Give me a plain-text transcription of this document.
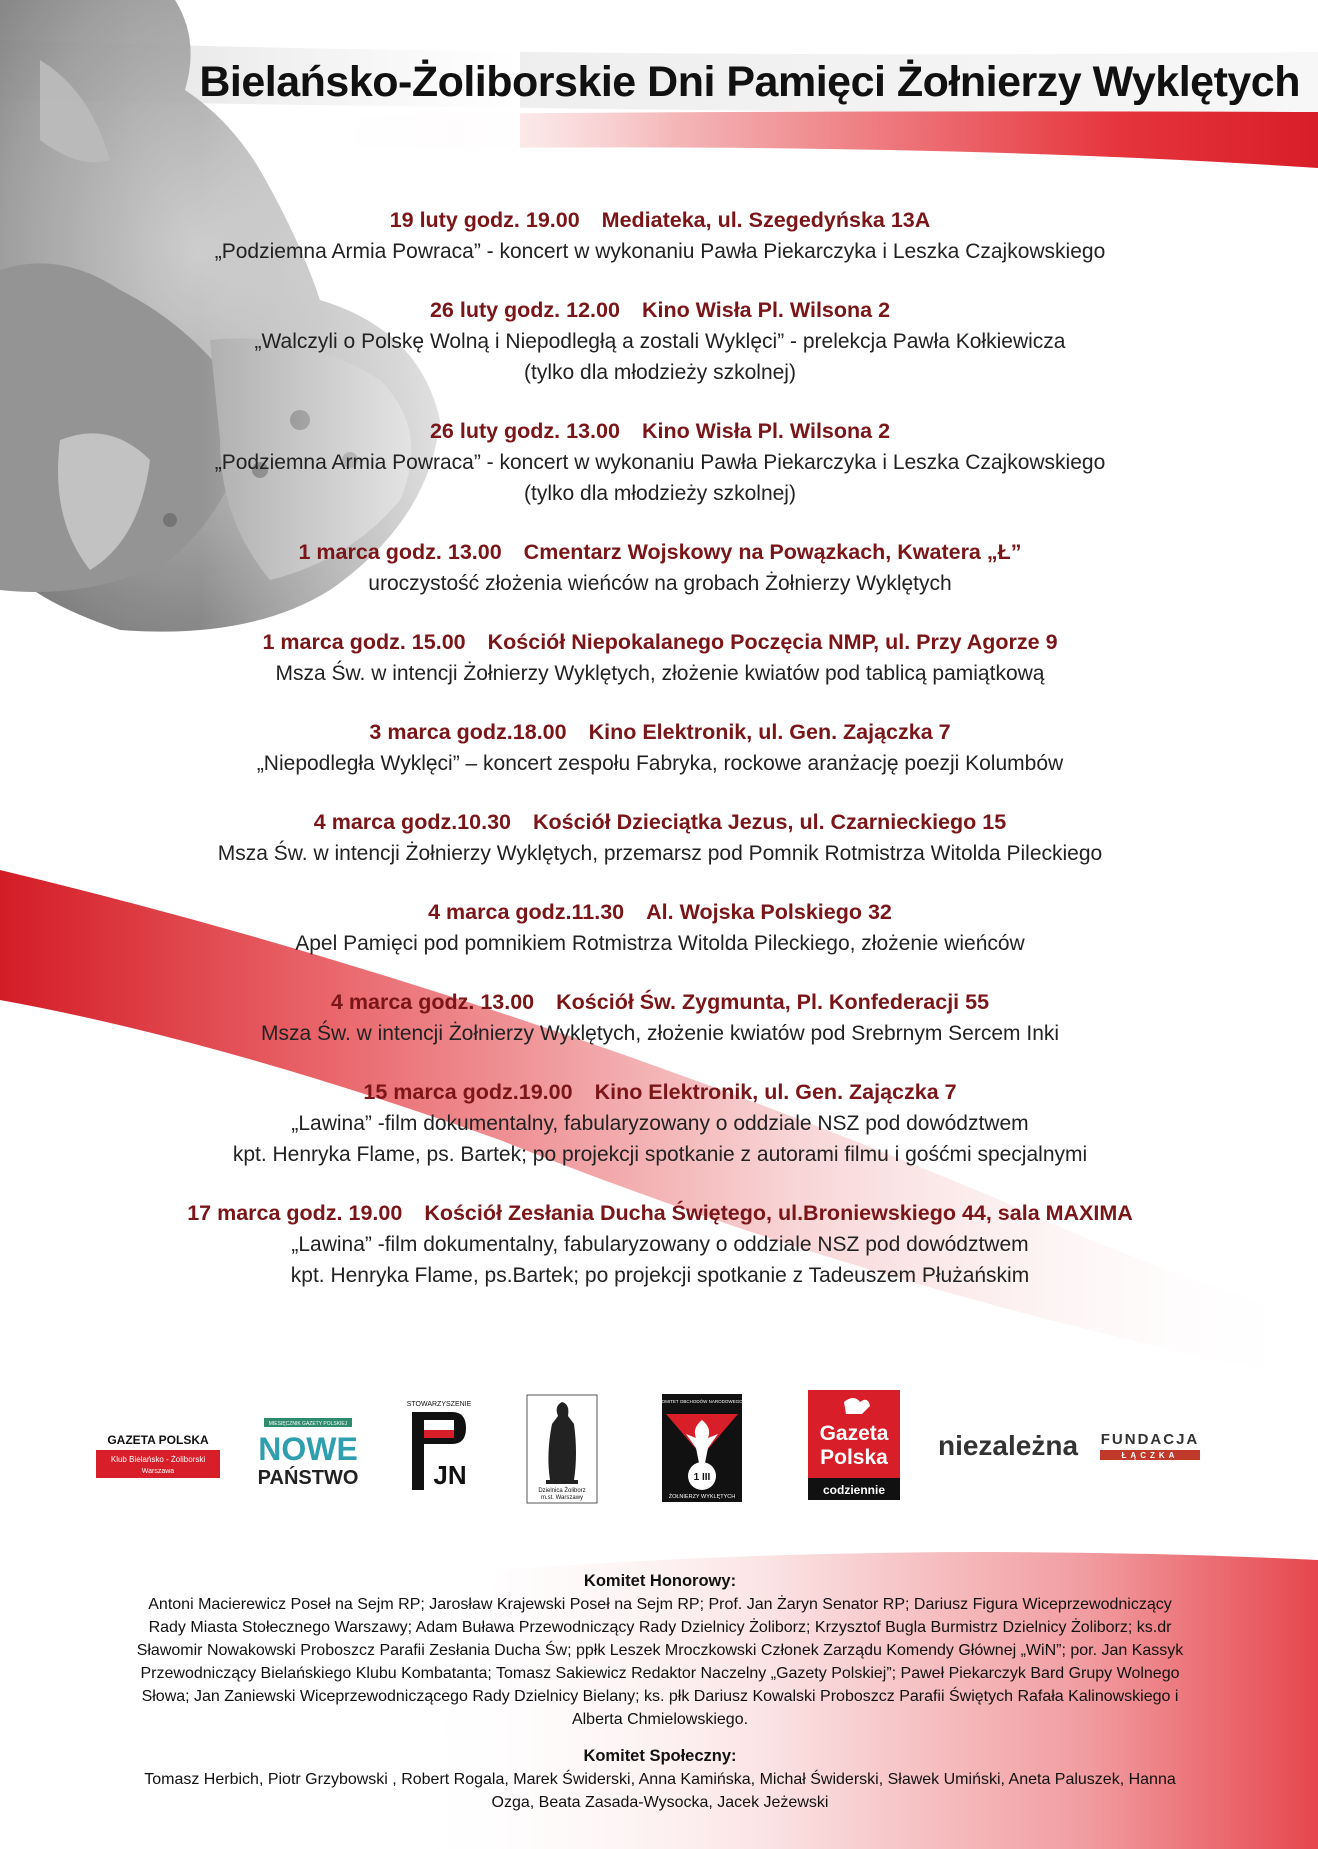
Bielańsko-Żoliborskie Dni Pamięci Żołnierzy Wyklętych
19 luty godz. 19.00 Mediateka, ul. Szegedyńska 13A
„Podziemna Armia Powraca” - koncert w wykonaniu Pawła Piekarczyka i Leszka Czajkowskiego
26 luty godz. 12.00 Kino Wisła Pl. Wilsona 2
„Walczyli o Polskę Wolną i Niepodległą a zostali Wyklęci” - prelekcja Pawła Kołkiewicza
(tylko dla młodzieży szkolnej)
26 luty godz. 13.00 Kino Wisła Pl. Wilsona 2
„Podziemna Armia Powraca” - koncert w wykonaniu Pawła Piekarczyka i Leszka Czajkowskiego
(tylko dla młodzieży szkolnej)
1 marca godz. 13.00 Cmentarz Wojskowy na Powązkach, Kwatera „Ł”
uroczystość złożenia wieńców na grobach Żołnierzy Wyklętych
1 marca godz. 15.00 Kościół Niepokalanego Poczęcia NMP, ul. Przy Agorze 9
Msza Św. w intencji Żołnierzy Wyklętych, złożenie kwiatów pod tablicą pamiątkową
3 marca godz.18.00 Kino Elektronik, ul. Gen. Zajączka 7
„Niepodległa Wyklęci” – koncert zespołu Fabryka, rockowe aranżację poezji Kolumbów
4 marca godz.10.30 Kościół Dzieciątka Jezus, ul. Czarnieckiego 15
Msza Św. w intencji Żołnierzy Wyklętych, przemarsz pod Pomnik Rotmistrza Witolda Pileckiego
4 marca godz.11.30 Al. Wojska Polskiego 32
Apel Pamięci pod pomnikiem Rotmistrza Witolda Pileckiego, złożenie wieńców
4 marca godz. 13.00 Kościół Św. Zygmunta, Pl. Konfederacji 55
Msza Św. w intencji Żołnierzy Wyklętych, złożenie kwiatów pod Srebrnym Sercem Inki
15 marca godz.19.00 Kino Elektronik, ul. Gen. Zajączka 7
„Lawina” -film dokumentalny, fabularyzowany o oddziale NSZ pod dowództwem
kpt. Henryka Flame, ps. Bartek; po projekcji spotkanie z autorami filmu i gośćmi specjalnymi
17 marca godz. 19.00 Kościół Zesłania Ducha Świętego, ul.Broniewskiego 44, sala MAXIMA
„Lawina” -film dokumentalny, fabularyzowany o oddziale NSZ pod dowództwem
kpt. Henryka Flame, ps.Bartek; po projekcji spotkanie z Tadeuszem Płużańskim
GAZETA POLSKA
Klub Bielańsko - Żoliborski
Warszawa
MIESIĘCZNIK GAZETY POLSKIEJ
NOWE
PAŃSTWO
STOWARZYSZENIE
JN
Dzielnica Żoliborz
m.st. Warszawy
SPOŁECZNY KOMITET OBCHODÓW NARODOWEGO DNIA PAMIĘCI
1 III
ŻOŁNIERZY WYKLĘTYCH
Gazeta
Polska
codziennie
niezależna FUNDACJA
ŁĄCZKA
Komitet Honorowy:

Antoni Macierewicz Poseł na Sejm RP; Jarosław Krajewski Poseł na Sejm RP; Prof. Jan Żaryn Senator RP; Dariusz Figura Wiceprzewodniczący
Rady Miasta Stołecznego Warszawy; Adam Buława Przewodniczący Rady Dzielnicy Żoliborz; Krzysztof Bugla Burmistrz Dzielnicy Żoliborz; ks.dr
Sławomir Nowakowski Proboszcz Parafii Zesłania Ducha Św; ppłk Leszek Mroczkowski Członek Zarządu Komendy Głównej „WiN”; por. Jan Kassyk
Przewodniczący Bielańskiego Klubu Kombatanta; Tomasz Sakiewicz Redaktor Naczelny „Gazety Polskiej”; Paweł Piekarczyk Bard Grupy Wolnego
Słowa; Jan Zaniewski Wiceprzewodniczącego Rady Dzielnicy Bielany; ks. płk Dariusz Kowalski Proboszcz Parafii Świętych Rafała Kalinowskiego i
Alberta Chmielowskiego.

Komitet Społeczny:

Tomasz Herbich, Piotr Grzybowski , Robert Rogala, Marek Świderski, Anna Kamińska, Michał Świderski, Sławek Umiński, Aneta Paluszek, Hanna
Ozga, Beata Zasada-Wysocka, Jacek Jeżewski
